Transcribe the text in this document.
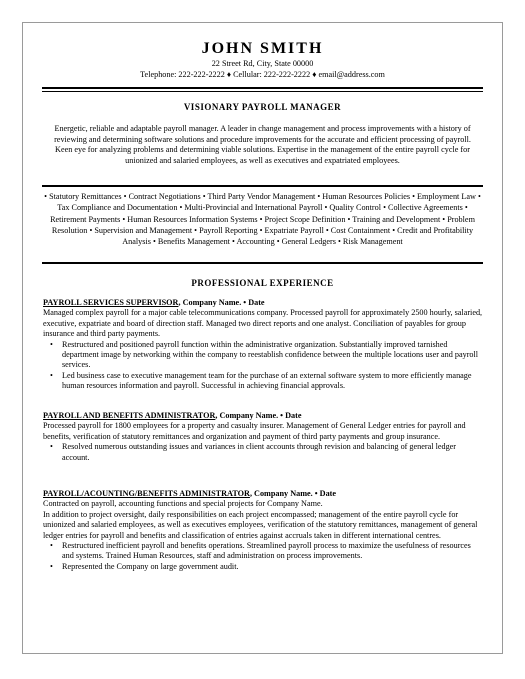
JOHN SMITH
22 Street Rd, City, State 00000
Telephone: 222-222-2222 ♦ Cellular: 222-222-2222 ♦ email@address.com
VISIONARY PAYROLL MANAGER
Energetic, reliable and adaptable payroll manager. A leader in change management and process improvements with a history of reviewing and determining software solutions and procedure improvements for the accurate and efficient processing of payroll. Keen eye for analyzing problems and determining viable solutions. Expertise in the management of the entire payroll cycle for unionized and salaried employees, as well as executives and expatriated employees.
• Statutory Remittances • Contract Negotiations • Third Party Vendor Management • Human Resources Policies • Employment Law • Tax Compliance and Documentation • Multi-Provincial and International Payroll • Quality Control • Collective Agreements • Retirement Payments • Human Resources Information Systems • Project Scope Definition • Training and Development • Problem Resolution • Supervision and Management • Payroll Reporting • Expatriate Payroll • Cost Containment • Credit and Profitability Analysis • Benefits Management • Accounting • General Ledgers • Risk Management
PROFESSIONAL EXPERIENCE

PAYROLL SERVICES SUPERVISOR, Company Name. • Date

Managed complex payroll for a major cable telecommunications company. Processed payroll for approximately 2500 hourly, salaried, executive, expatriate and board of direction staff. Managed two direct reports and one analyst. Conciliation of payables for group insurance and third party payments.

• Restructured and positioned payroll function within the administrative organization. Substantially improved tarnished department image by networking within the company to reestablish confidence between the multiple locations user and payroll services.
• Led business case to executive management team for the purchase of an external software system to more efficiently manage human resources information and payroll. Successful in achieving financial approvals.

PAYROLL AND BENEFITS ADMINISTRATOR, Company Name. • Date

Processed payroll for 1800 employees for a property and casualty insurer. Management of General Ledger entries for payroll and benefits, verification of statutory remittances and organization and payment of third party payments and group insurance.

• Resolved numerous outstanding issues and variances in client accounts through revision and balancing of general ledger account.

PAYROLL/ACOUNTING/BENEFITS ADMINISTRATOR, Company Name. • Date

Contracted on payroll, accounting functions and special projects for Company Name.

In addition to project oversight, daily responsibilities on each project encompassed; management of the entire payroll cycle for unionized and salaried employees, as well as executives employees, verification of the statutory remittances, management of general ledger entries for payroll and benefits and classification of entries against accruals taken in different international centres.

• Restructured inefficient payroll and benefits operations. Streamlined payroll process to maximize the usefulness of resources and systems. Trained Human Resources, staff and administration on process improvements.
• Represented the Company on large government audit.
